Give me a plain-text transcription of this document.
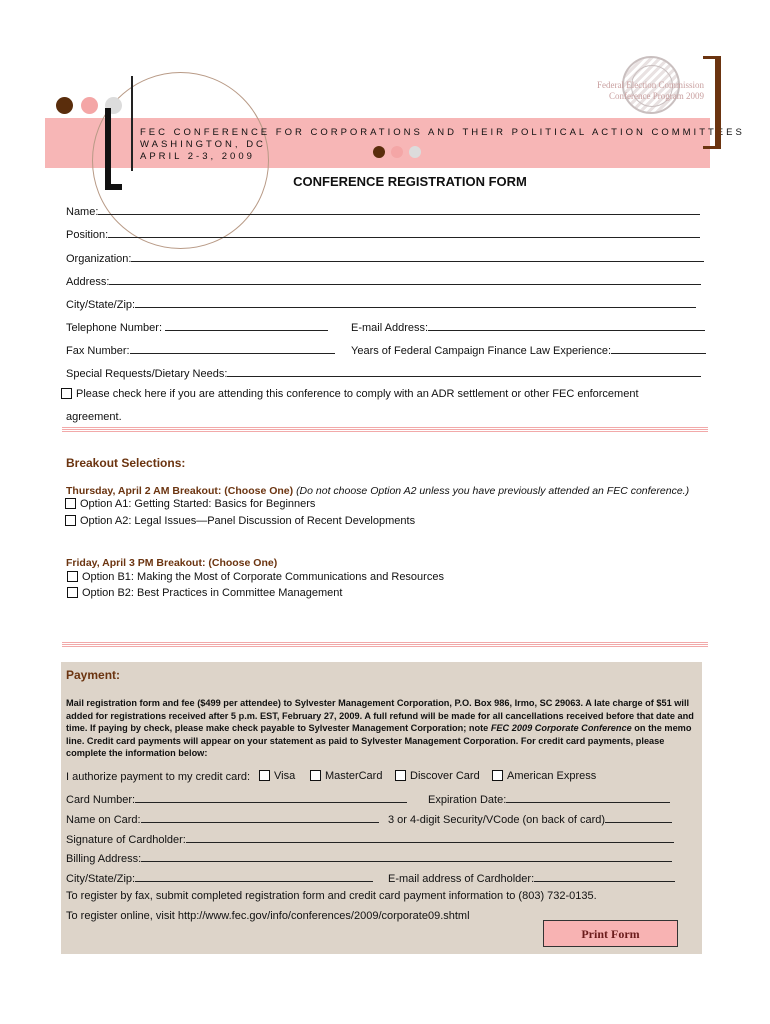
FEC CONFERENCE FOR CORPORATIONS AND THEIR POLITICAL ACTION COMMITTEES
WASHINGTON, DC
APRIL 2-3, 2009
Federal Election Commission
Conference Program 2009
CONFERENCE REGISTRATION FORM
Name:
Position:
Organization:
Address:
City/State/Zip:
Telephone Number:	E-mail Address:
Fax Number:	Years of Federal Campaign Finance Law Experience:
Special Requests/Dietary Needs:
Please check here if you are attending this conference to comply with an ADR settlement or other FEC enforcement
agreement.
Breakout Selections:
Thursday, April 2 AM Breakout: (Choose One) (Do not choose Option A2 unless you have previously attended an FEC conference.)
Option A1: Getting Started: Basics for Beginners
Option A2: Legal Issues—Panel Discussion of Recent Developments
Friday, April 3 PM Breakout: (Choose One)
Option B1: Making the Most of Corporate Communications and Resources
Option B2: Best Practices in Committee Management
Payment:
Mail registration form and fee ($499 per attendee) to Sylvester Management Corporation, P.O. Box 986, Irmo, SC 29063. A late charge of $51 will
added for registrations received after 5 p.m. EST, February 27, 2009. A full refund will be made for all cancellations received before that date and
time. If paying by check, please make check payable to Sylvester Management Corporation; note FEC 2009 Corporate Conference on the memo
line. Credit card payments will appear on your statement as paid to Sylvester Management Corporation. For credit card payments, please
complete the information below:
I authorize payment to my credit card:	Visa	MasterCard	Discover Card	American Express
Card Number:	Expiration Date:
Name on Card:	3 or 4-digit Security/VCode (on back of card)
Signature of Cardholder:
Billing Address:
City/State/Zip:	E-mail address of Cardholder:
To register by fax, submit completed registration form and credit card payment information to (803) 732-0135.
To register online, visit http://www.fec.gov/info/conferences/2009/corporate09.shtml
Print Form
